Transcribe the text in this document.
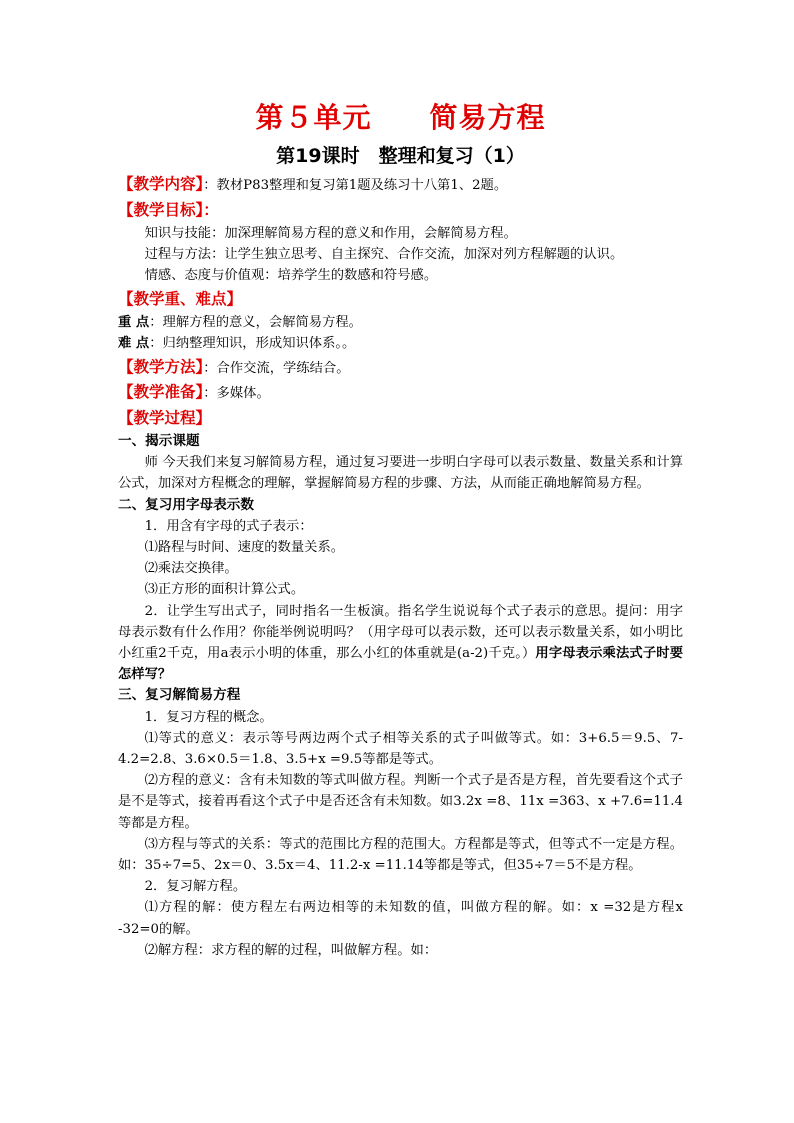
第５单元　　简易方程
第19课时　整理和复习（1）
【教学内容】：教材P83整理和复习第1题及练习十八第1、2题。
【教学目标】：
知识与技能：加深理解简易方程的意义和作用，会解简易方程。
过程与方法：让学生独立思考、自主探究、合作交流，加深对列方程解题的认识。
情感、态度与价值观：培养学生的数感和符号感。
【教学重、难点】
重 点：理解方程的意义，会解简易方程。
难 点：归纳整理知识，形成知识体系。。
【教学方法】：合作交流，学练结合。
【教学准备】：多媒体。
【教学过程】
一、揭示课题
师 今天我们来复习解简易方程，通过复习要进一步明白字母可以表示数量、数量关系和计算公式，加深对方程概念的理解，掌握解简易方程的步骤、方法，从而能正确地解简易方程。
二、复习用字母表示数
1．用含有字母的式子表示：
⑴路程与时间、速度的数量关系。
⑵乘法交换律。
⑶正方形的面积计算公式。
2．让学生写出式子，同时指名一生板演。指名学生说说每个式子表示的意思。提问：用字母表示数有什么作用？你能举例说明吗？（用字母可以表示数，还可以表示数量关系，如小明比小红重2千克，用a表示小明的体重，那么小红的体重就是(a-2)千克。）用字母表示乘法式子时要怎样写？
三、复习解简易方程
1．复习方程的概念。
⑴等式的意义：表示等号两边两个式子相等关系的式子叫做等式。如：3+6.5＝9.5、7-4.2=2.8、3.6×0.5＝1.8、3.5+x =9.5等都是等式。
⑵方程的意义：含有未知数的等式叫做方程。判断一个式子是否是方程，首先要看这个式子是不是等式，接着再看这个式子中是否还含有未知数。如3.2x =8、11x =363、x +7.6=11.4等都是方程。
⑶方程与等式的关系：等式的范围比方程的范围大。方程都是等式，但等式不一定是方程。如：35÷7=5、2x＝0、3.5x＝4、11.2-x =11.14等都是等式，但35÷7＝5不是方程。
2．复习解方程。
⑴方程的解：使方程左右两边相等的未知数的值，叫做方程的解。如：x =32是方程x -32=0的解。
⑵解方程：求方程的解的过程，叫做解方程。如：
